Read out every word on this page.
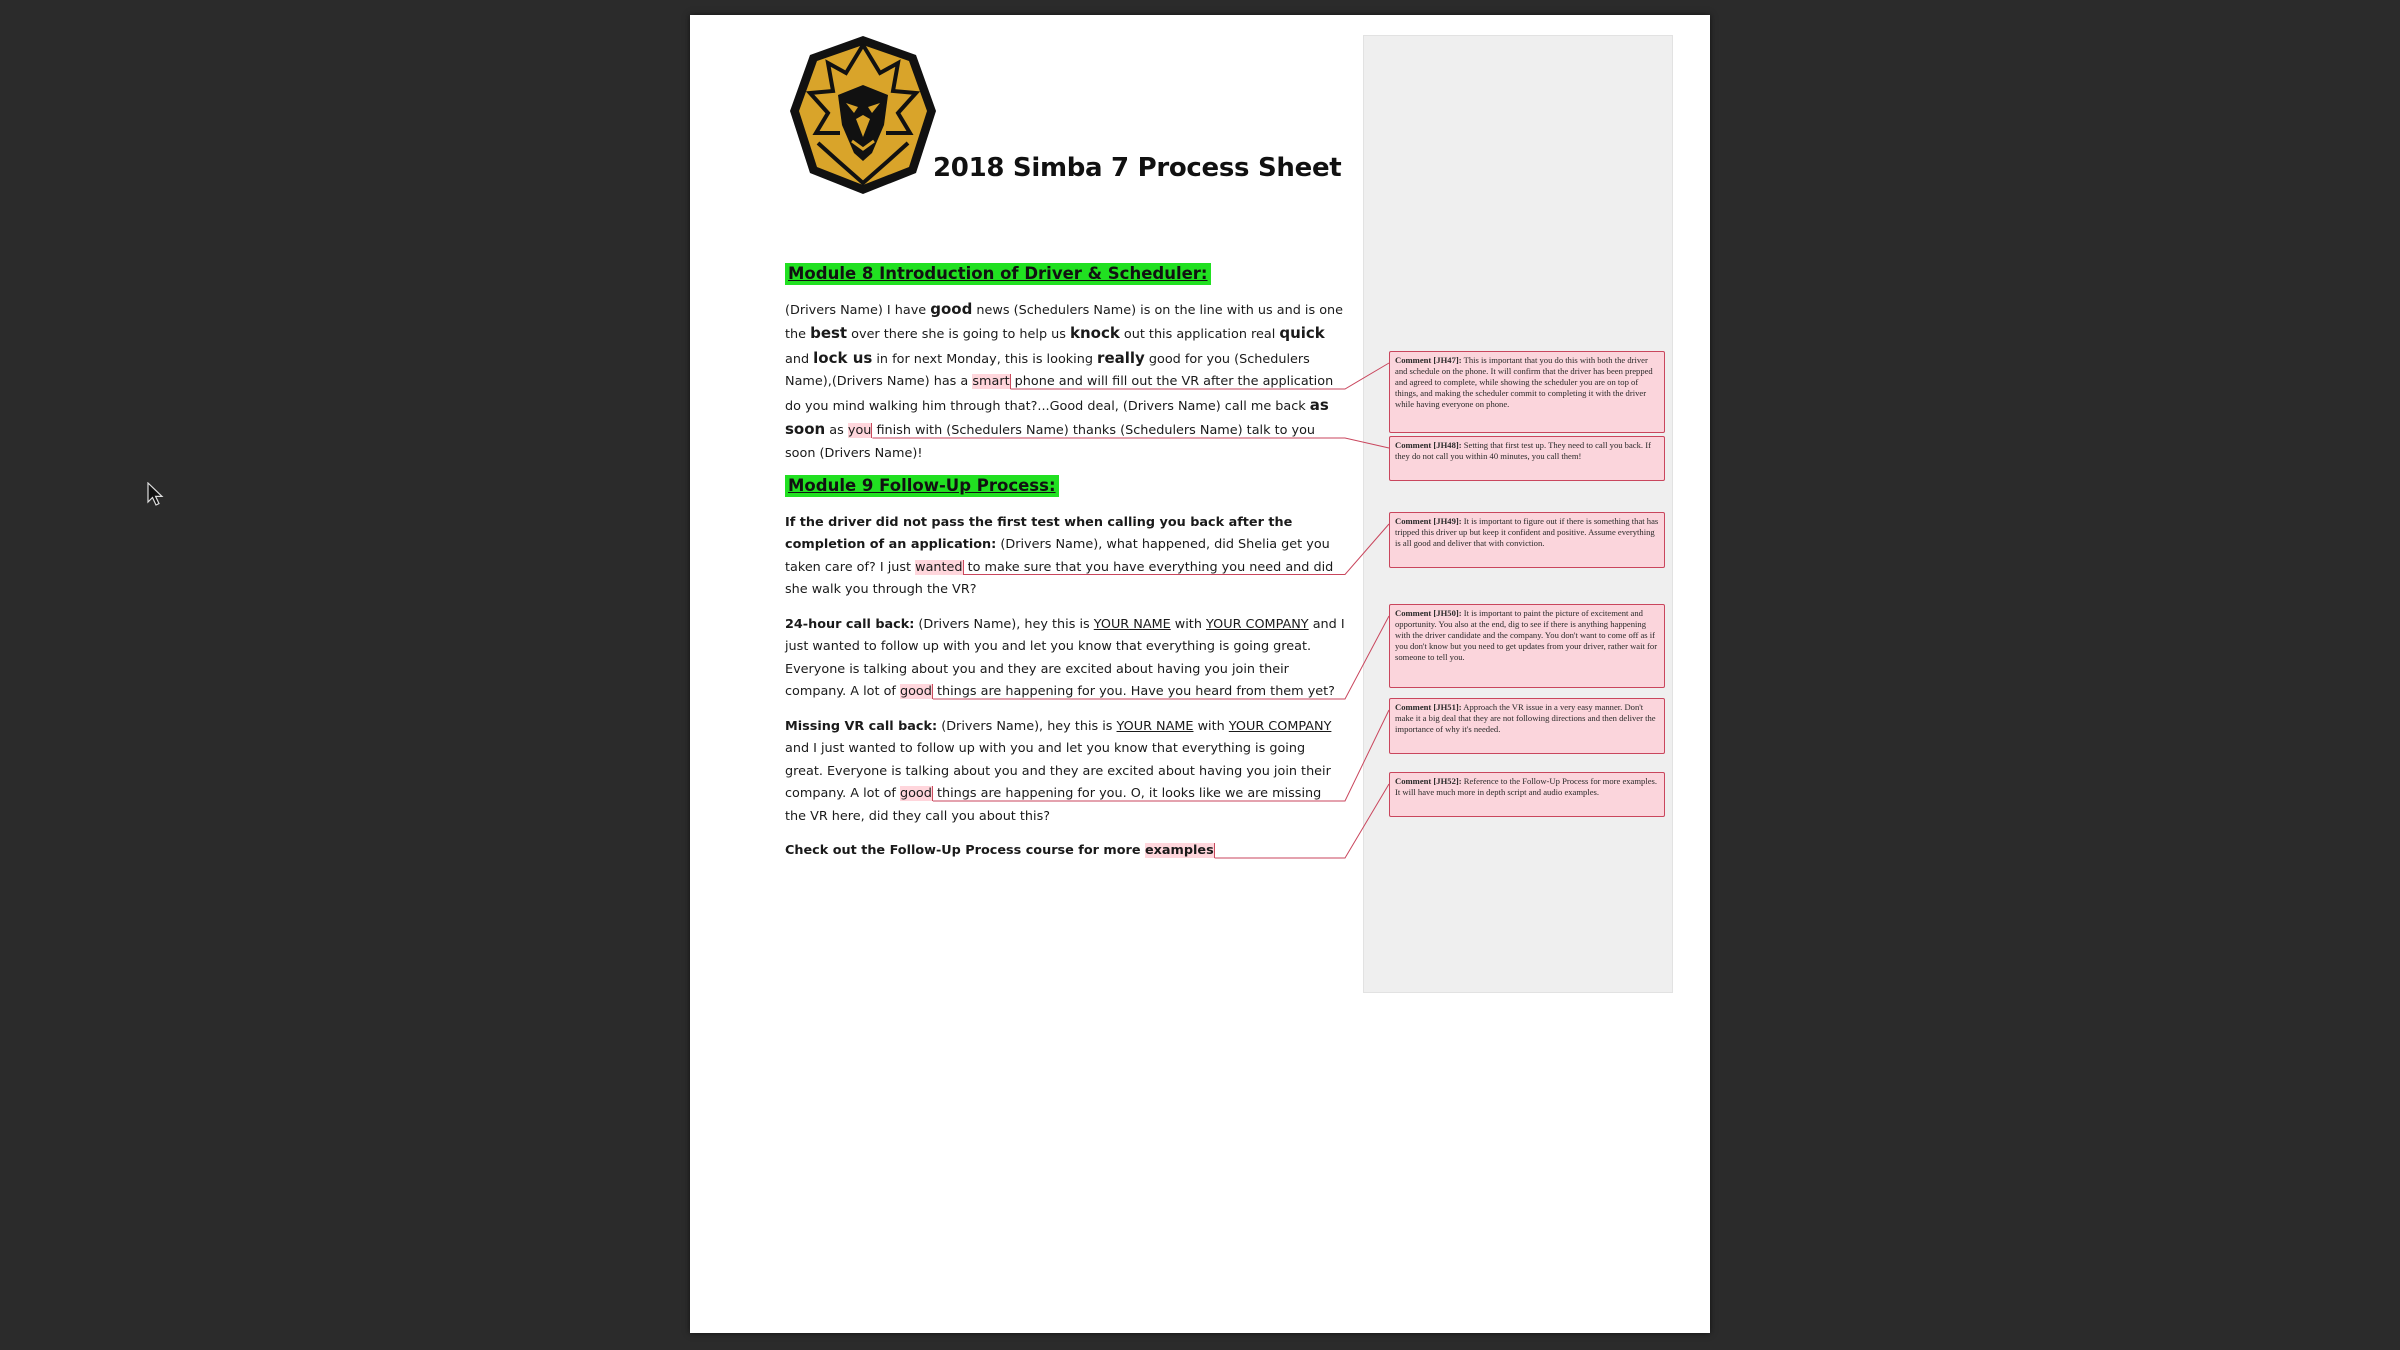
2018 Simba 7 Process Sheet
Module 8 Introduction of Driver & Scheduler:

(Drivers Name) I have good news (Schedulers Name) is on the line with us and is one the best over there she is going to help us knock out this application real quick and lock us in for next Monday, this is looking really good for you (Schedulers Name),(Drivers Name) has a smart phone and will fill out the VR after the application do you mind walking him through that?...Good deal, (Drivers Name) call me back as soon as you finish with (Schedulers Name) thanks (Schedulers Name) talk to you soon (Drivers Name)!

Module 9 Follow-Up Process:

If the driver did not pass the first test when calling you back after the completion of an application: (Drivers Name), what happened, did Shelia get you taken care of? I just wanted to make sure that you have everything you need and did she walk you through the VR?

24-hour call back: (Drivers Name), hey this is YOUR NAME with YOUR COMPANY and I just wanted to follow up with you and let you know that everything is going great. Everyone is talking about you and they are excited about having you join their company. A lot of good things are happening for you. Have you heard from them yet?

Missing VR call back: (Drivers Name), hey this is YOUR NAME with YOUR COMPANY and I just wanted to follow up with you and let you know that everything is going great. Everyone is talking about you and they are excited about having you join their company. A lot of good things are happening for you. O, it looks like we are missing the VR here, did they call you about this?

Check out the Follow-Up Process course for more examples

Comment [JH47]: This is important that you do this with both the driver and schedule on the phone. It will confirm that the driver has been prepped and agreed to complete, while showing the scheduler you are on top of things, and making the scheduler commit to completing it with the driver while having everyone on phone.
Comment [JH48]: Setting that first test up. They need to call you back. If they do not call you within 40 minutes, you call them!
Comment [JH49]: It is important to figure out if there is something that has tripped this driver up but keep it confident and positive. Assume everything is all good and deliver that with conviction.
Comment [JH50]: It is important to paint the picture of excitement and opportunity. You also at the end, dig to see if there is anything happening with the driver candidate and the company. You don't want to come off as if you don't know but you need to get updates from your driver, rather wait for someone to tell you.
Comment [JH51]: Approach the VR issue in a very easy manner. Don't make it a big deal that they are not following directions and then deliver the importance of why it's needed.
Comment [JH52]: Reference to the Follow-Up Process for more examples. It will have much more in depth script and audio examples.
